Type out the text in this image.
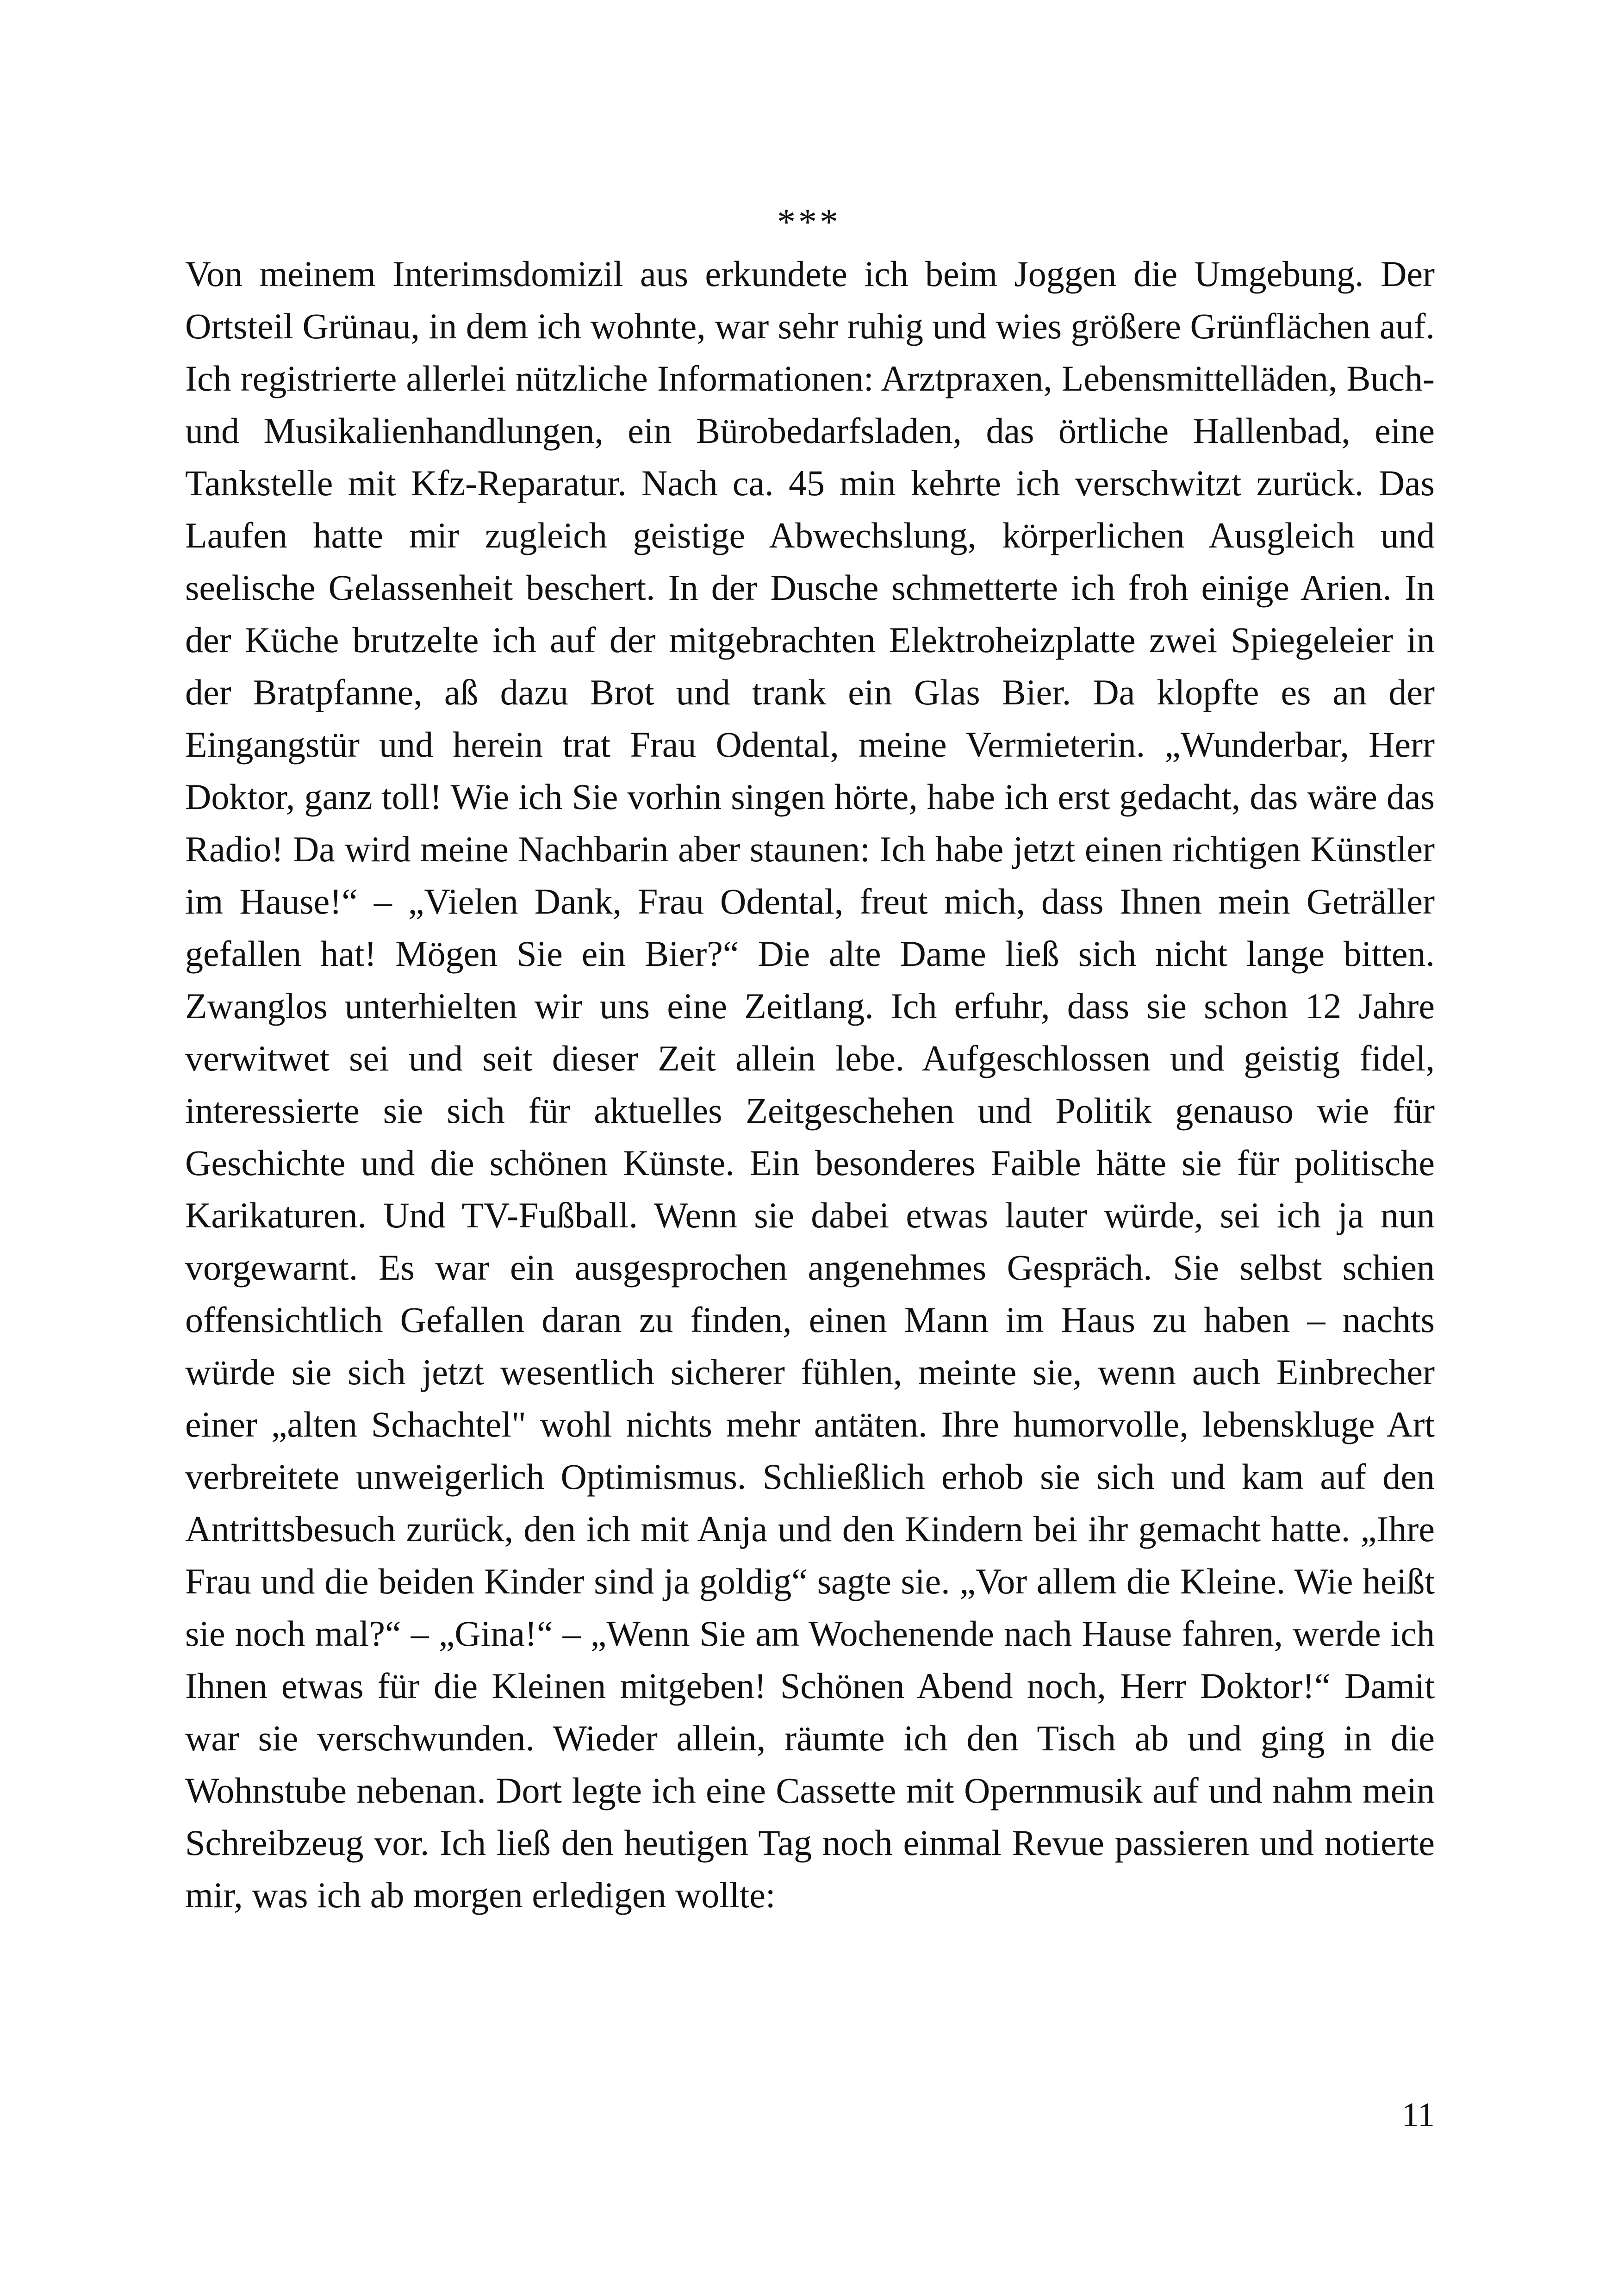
***

Von meinem Interimsdomizil aus erkundete ich beim Joggen die Umgebung. Der Ortsteil Grünau, in dem ich wohnte, war sehr ruhig und wies größere Grünflächen auf. Ich registrierte allerlei nützliche Informationen: Arztpraxen, Lebensmittelläden, Buch- und Musikalienhandlungen, ein Bürobedarfsladen, das örtliche Hallenbad, eine Tankstelle mit Kfz-Reparatur. Nach ca. 45 min kehrte ich verschwitzt zurück. Das Laufen hatte mir zugleich geistige Abwechslung, körperlichen Ausgleich und seelische Gelassenheit beschert. In der Dusche schmetterte ich froh einige Arien. In der Küche brutzelte ich auf der mitgebrachten Elektroheizplatte zwei Spiegeleier in der Bratpfanne, aß dazu Brot und trank ein Glas Bier. Da klopfte es an der Eingangstür und herein trat Frau Odental, meine Vermieterin. „Wunderbar, Herr Doktor, ganz toll! Wie ich Sie vorhin singen hörte, habe ich erst gedacht, das wäre das Radio! Da wird meine Nachbarin aber staunen: Ich habe jetzt einen richtigen Künstler im Hause!“ – „Vielen Dank, Frau Odental, freut mich, dass Ihnen mein Geträller gefallen hat! Mögen Sie ein Bier?“ Die alte Dame ließ sich nicht lange bitten. Zwanglos unterhielten wir uns eine Zeitlang. Ich erfuhr, dass sie schon 12 Jahre verwitwet sei und seit dieser Zeit allein lebe. Aufgeschlossen und geistig fidel, interessierte sie sich für aktuelles Zeitgeschehen und Politik genauso wie für Geschichte und die schönen Künste. Ein besonderes Faible hätte sie für politische Karikaturen. Und TV-Fußball. Wenn sie dabei etwas lauter würde, sei ich ja nun vorgewarnt. Es war ein ausgesprochen angenehmes Gespräch. Sie selbst schien offensichtlich Gefallen daran zu finden, einen Mann im Haus zu haben – nachts würde sie sich jetzt wesentlich sicherer fühlen, meinte sie, wenn auch Einbrecher einer „alten Schachtel" wohl nichts mehr antäten. Ihre humorvolle, lebenskluge Art verbreitete unweigerlich Optimismus. Schließlich erhob sie sich und kam auf den Antrittsbesuch zurück, den ich mit Anja und den Kindern bei ihr gemacht hatte. „Ihre Frau und die beiden Kinder sind ja goldig“ sagte sie. „Vor allem die Kleine. Wie heißt sie noch mal?“ – „Gina!“ – „Wenn Sie am Wochenende nach Hause fahren, werde ich Ihnen etwas für die Kleinen mitgeben! Schönen Abend noch, Herr Doktor!“ Damit war sie verschwunden. Wieder allein, räumte ich den Tisch ab und ging in die Wohnstube nebenan. Dort legte ich eine Cassette mit Opernmusik auf und nahm mein Schreibzeug vor. Ich ließ den heutigen Tag noch einmal Revue passieren und notierte mir, was ich ab morgen erledigen wollte:

11
